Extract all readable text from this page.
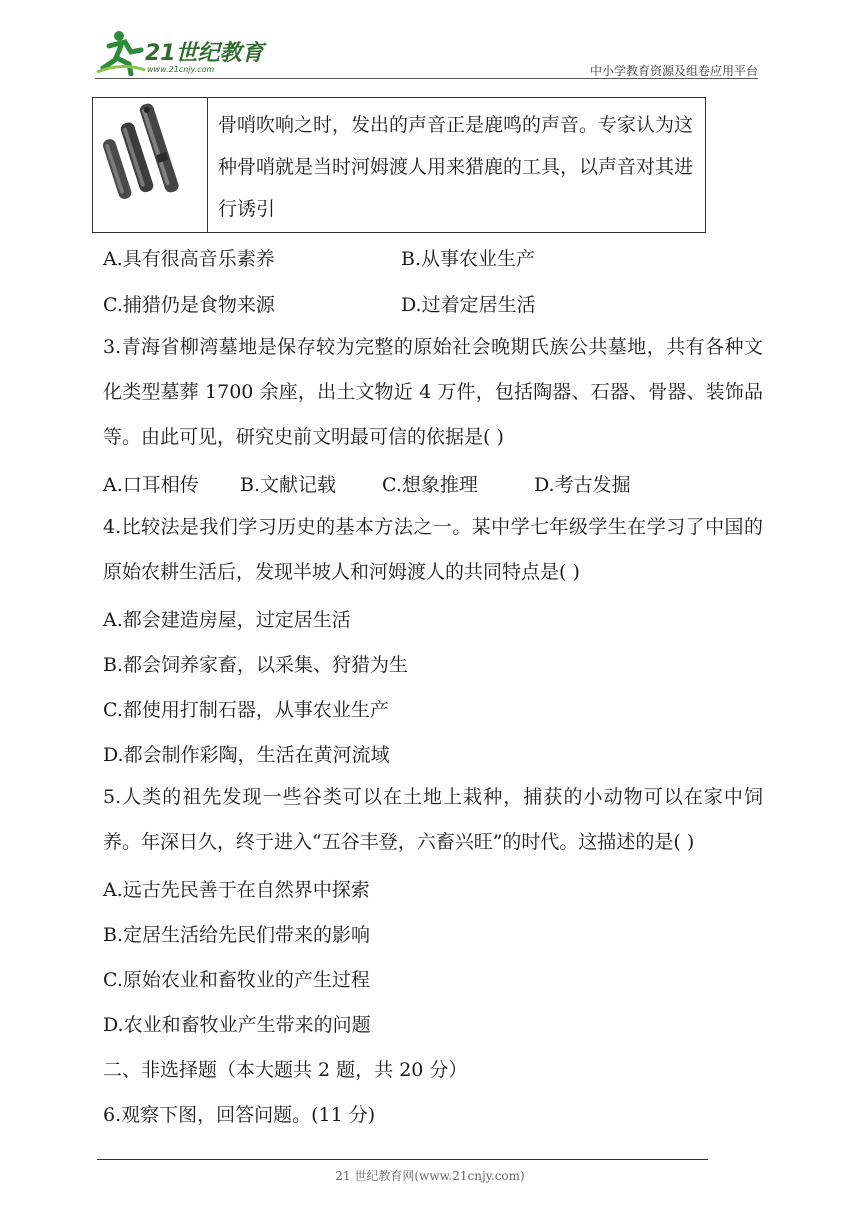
21世纪教育
www.21cnjy.com	中小学教育资源及组卷应用平台
骨哨吹响之时，发出的声音正是鹿鸣的声音。专家认为这种骨哨就是当时河姆渡人用来猎鹿的工具，以声音对其进行诱引
A.具有很高音乐素养	B.从事农业生产
C.捕猎仍是食物来源	D.过着定居生活
3.青海省柳湾墓地是保存较为完整的原始社会晚期氏族公共墓地，共有各种文化类型墓葬 1700 余座，出土文物近 4 万件，包括陶器、石器、骨器、装饰品等。由此可见，研究史前文明最可信的依据是( )
A.口耳相传 B.文献记载 C.想象推理	D.考古发掘
4.比较法是我们学习历史的基本方法之一。某中学七年级学生在学习了中国的原始农耕生活后，发现半坡人和河姆渡人的共同特点是( )
A.都会建造房屋，过定居生活
B.都会饲养家畜，以采集、狩猎为生
C.都使用打制石器，从事农业生产
D.都会制作彩陶，生活在黄河流域
5.人类的祖先发现一些谷类可以在土地上栽种，捕获的小动物可以在家中饲养。年深日久，终于进入“五谷丰登，六畜兴旺”的时代。这描述的是( )
A.远古先民善于在自然界中探索
B.定居生活给先民们带来的影响
C.原始农业和畜牧业的产生过程
D.农业和畜牧业产生带来的问题
二、非选择题（本大题共 2 题，共 20 分）
6.观察下图，回答问题。(11 分)
21 世纪教育网(www.21cnjy.com)
